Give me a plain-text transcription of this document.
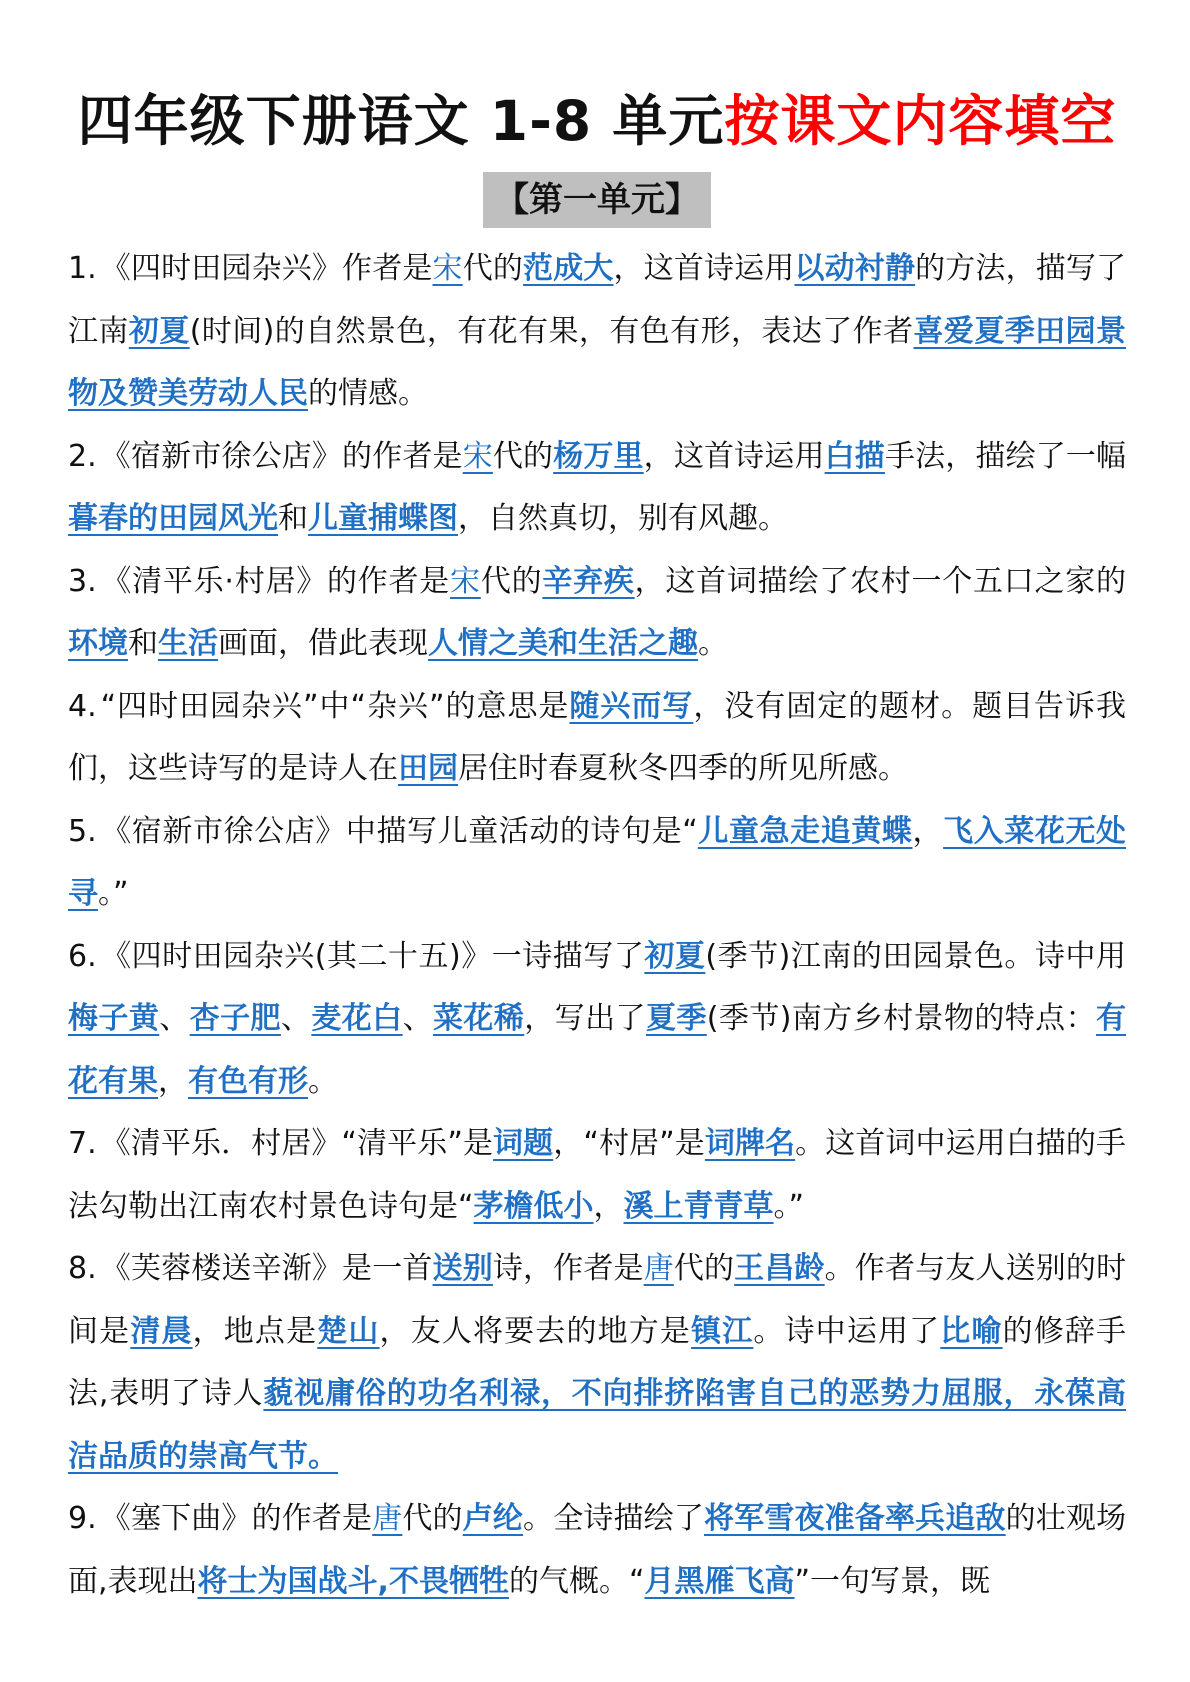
四年级下册语文 1-8 单元按课文内容填空
【第一单元】

1. 《四时田园杂兴》作者是宋代的范成大，这首诗运用以动衬静的方法，描写了江南初夏(时间)的自然景色，有花有果，有色有形，表达了作者喜爱夏季田园景物及赞美劳动人民的情感。

2. 《宿新市徐公店》的作者是宋代的杨万里，这首诗运用白描手法，描绘了一幅暮春的田园风光和儿童捕蝶图，自然真切，别有风趣。

3. 《清平乐·村居》的作者是宋代的辛弃疾，这首词描绘了农村一个五口之家的环境和生活画面，借此表现人情之美和生活之趣。

4. “四时田园杂兴”中“杂兴”的意思是随兴而写，没有固定的题材。题目告诉我们，这些诗写的是诗人在田园居住时春夏秋冬四季的所见所感。

5. 《宿新市徐公店》中描写儿童活动的诗句是“儿童急走追黄蝶，飞入菜花无处寻。”

6. 《四时田园杂兴(其二十五)》一诗描写了初夏(季节)江南的田园景色。诗中用梅子黄、杏子肥、麦花白、菜花稀，写出了夏季(季节)南方乡村景物的特点：有花有果，有色有形。

7. 《清平乐．村居》“清平乐”是词题，“村居”是词牌名。这首词中运用白描的手法勾勒出江南农村景色诗句是“茅檐低小，溪上青青草。”

8. 《芙蓉楼送辛渐》是一首送别诗，作者是唐代的王昌龄。作者与友人送别的时间是清晨，地点是楚山，友人将要去的地方是镇江。诗中运用了比喻的修辞手法,表明了诗人藐视庸俗的功名利禄，不向排挤陷害自己的恶势力屈服，永葆高洁品质的崇高气节。

9. 《塞下曲》的作者是唐代的卢纶。全诗描绘了将军雪夜准备率兵追敌的壮观场面,表现出将士为国战斗,不畏牺牲的气概。“月黑雁飞高”一句写景，既
